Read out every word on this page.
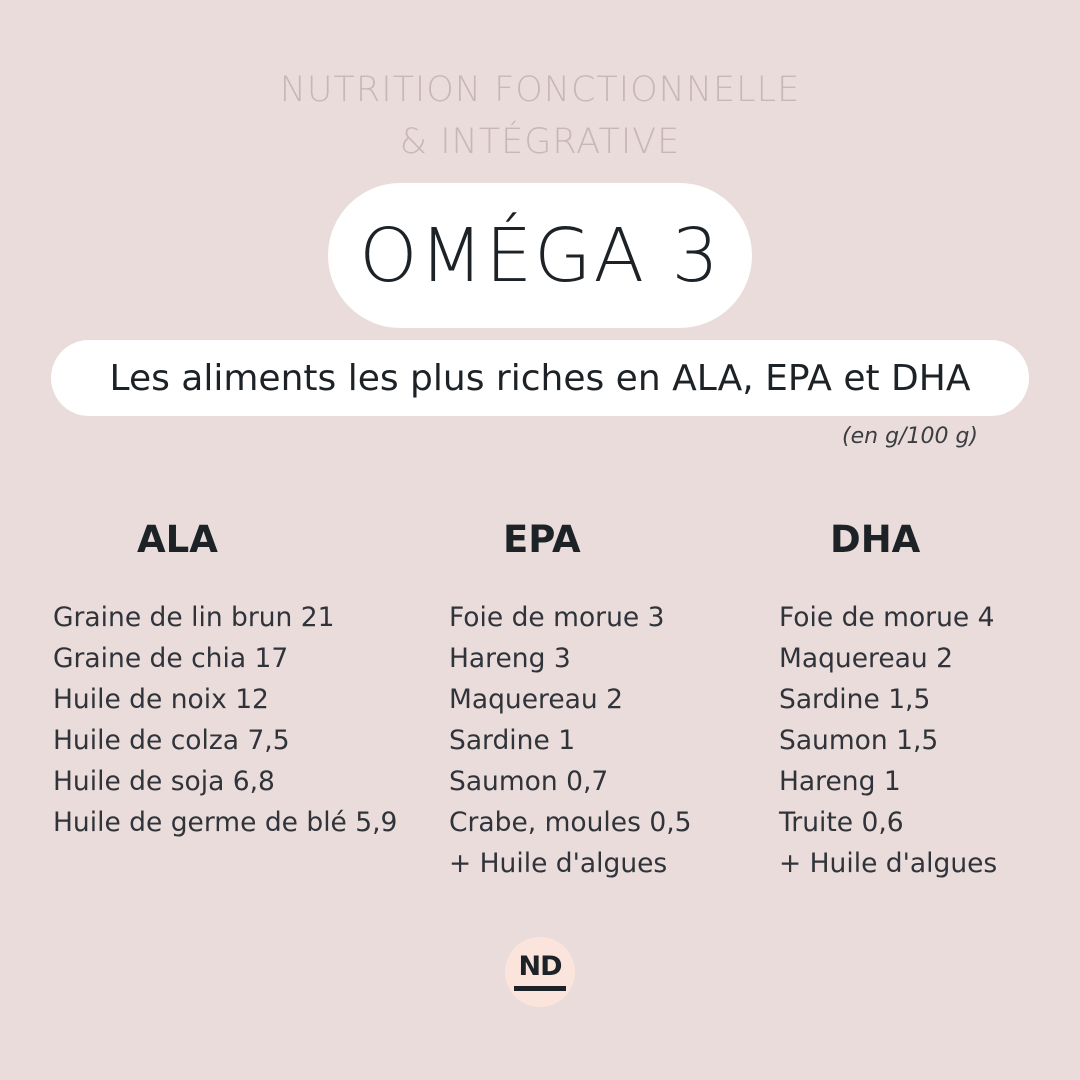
NUTRITION FONCTIONNELLE
& INTÉGRATIVE
OMÉGA 3
Les aliments les plus riches en ALA, EPA et DHA
(en g/100 g)
ALA	EPA	DHA
Graine de lin brun 21
Graine de chia 17
Huile de noix 12
Huile de colza 7,5
Huile de soja 6,8
Huile de germe de blé 5,9
Foie de morue 3
Hareng 3
Maquereau 2
Sardine 1
Saumon 0,7
Crabe, moules 0,5
+ Huile d'algues
Foie de morue 4
Maquereau 2
Sardine 1,5
Saumon 1,5
Hareng 1
Truite 0,6
+ Huile d'algues
ND
